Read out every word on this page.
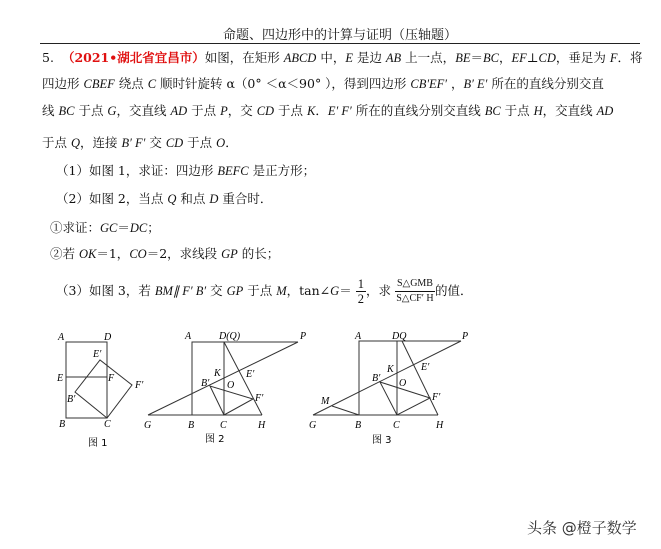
命题、四边形中的计算与证明（压轴题）
5. （2021•湖北省宜昌市）如图，在矩形 ABCD 中，E 是边 AB 上一点，BE＝BC，EF⊥CD，垂足为 F．将
四边形 CBEF 绕点 C 顺时针旋转 α（0° ＜α＜90° ），得到四边形 CB'EF′ ，B′ E′ 所在的直线分别交直
线 BC 于点 G，交直线 AD 于点 P，交 CD 于点 K．E′ F′ 所在的直线分别交直线 BC 于点 H，交直线 AD
于点 Q，连接 B′ F′ 交 CD 于点 O．
（1）如图 1，求证：四边形 BEFC 是正方形；
（2）如图 2，当点 Q 和点 D 重合时．
①求证：GC＝DC；
②若 OK＝1，CO＝2，求线段 GP 的长；
（3）如图 3，若 BM∥ F′ B′ 交 GP 于点 M，tan∠G＝ $\frac{1}{2}$ ，求 $\frac{\text{S△GMB}}{S\triangle CF' H}$ 的值．
A	D
E	F
E′
F′
B′
B	C
图 1
A	D(Q)	P
K	E′
B′ O
F′
G	B	C	H
图 2
A	DQ	P
K	E′
B′ O
F′
M
G	B	C	H
图 3
头条 @橙子数学
